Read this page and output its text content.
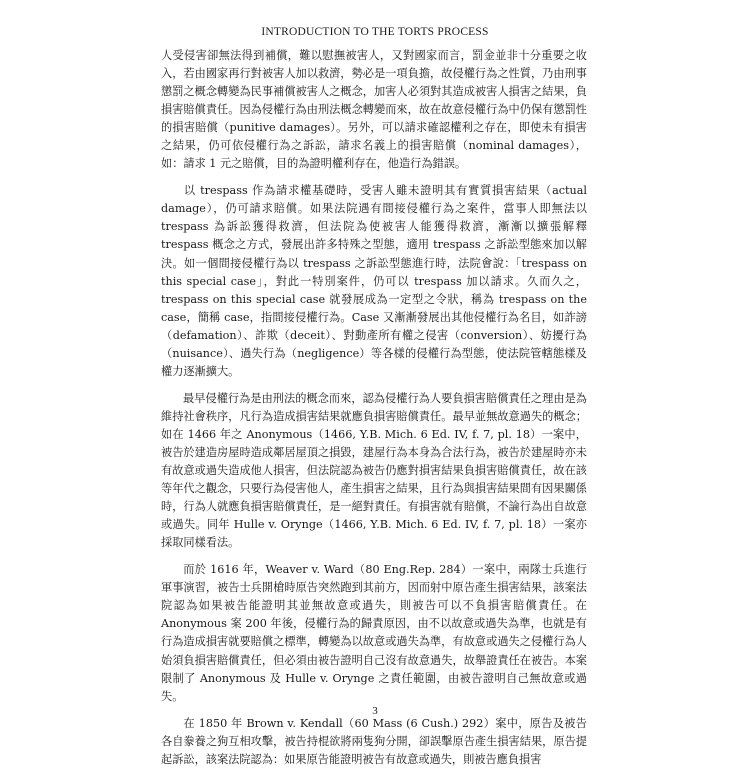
INTRODUCTION TO THE TORTS PROCESS

人受侵害卻無法得到補償，難以慰撫被害人，又對國家而言，罰金並非十分重要之收入，若由國家再行對被害人加以救濟，勢必是一項負擔，故侵權行為之性質，乃由刑事懲罰之概念轉變為民事補償被害人之概念，加害人必須對其造成被害人損害之結果，負損害賠償責任。因為侵權行為由刑法概念轉變而來，故在故意侵權行為中仍保有懲罰性的損害賠償（punitive damages）。另外，可以請求確認權利之存在，即使未有損害之結果，仍可依侵權行為之訴訟，請求名義上的損害賠償（nominal damages），如：請求 1 元之賠償，目的為證明權利存在，他造行為錯誤。

以 trespass 作為請求權基礎時，受害人雖未證明其有實質損害結果（actual damage），仍可請求賠償。如果法院遇有間接侵權行為之案件，當事人即無法以 trespass 為訴訟獲得救濟，但法院為使被害人能獲得救濟，漸漸以擴張解釋 trespass 概念之方式，發展出許多特殊之型態，適用 trespass 之訴訟型態來加以解決。如一個間接侵權行為以 trespass 之訴訟型態進行時，法院會說：「trespass on this special case」，對此一特別案件，仍可以 trespass 加以請求。久而久之，trespass on this special case 就發展成為一定型之令狀，稱為 trespass on the case，簡稱 case，指間接侵權行為。Case 又漸漸發展出其他侵權行為名目，如詐謗（defamation）、詐欺（deceit）、對動產所有權之侵害（conversion）、妨擾行為（nuisance）、過失行為（negligence）等各樣的侵權行為型態，使法院管轄態樣及權力逐漸擴大。

最早侵權行為是由刑法的概念而來，認為侵權行為人要負損害賠償責任之理由是為維持社會秩序，凡行為造成損害結果就應負損害賠償責任。最早並無故意過失的概念；如在 1466 年之 Anonymous（1466, Y.B. Mich. 6 Ed. IV, f. 7, pl. 18）一案中，被告於建造房屋時造成鄰居屋頂之損毀，建屋行為本身為合法行為，被告於建屋時亦未有故意或過失造成他人損害，但法院認為被告仍應對損害結果負損害賠償責任，故在該等年代之觀念，只要行為侵害他人，產生損害之結果，且行為與損害結果間有因果關係時，行為人就應負損害賠償責任，是一絕對責任。有損害就有賠償，不論行為出自故意或過失。同年 Hulle v. Orynge（1466, Y.B. Mich. 6 Ed. IV, f. 7, pl. 18）一案亦採取同樣看法。

而於 1616 年，Weaver v. Ward（80 Eng.Rep. 284）一案中，兩隊士兵進行軍事演習，被告士兵開槍時原告突然跑到其前方，因而射中原告產生損害結果，該案法院認為如果被告能證明其並無故意或過失，則被告可以不負損害賠償責任。在 Anonymous 案 200 年後，侵權行為的歸責原因，由不以故意或過失為準，也就是有行為造成損害就要賠償之標準，轉變為以故意或過失為準，有故意或過失之侵權行為人始須負損害賠償責任，但必須由被告證明自己沒有故意過失，故舉證責任在被告。本案限制了 Anonymous 及 Hulle v. Orynge 之責任範圍，由被告證明自己無故意或過失。

在 1850 年 Brown v. Kendall（60 Mass (6 Cush.) 292）案中，原告及被告各自豢養之狗互相攻擊，被告持棍欲將兩隻狗分開，卻誤擊原告產生損害結果，原告提起訴訟，該案法院認為：如果原告能證明被告有故意或過失，則被告應負損害

3
